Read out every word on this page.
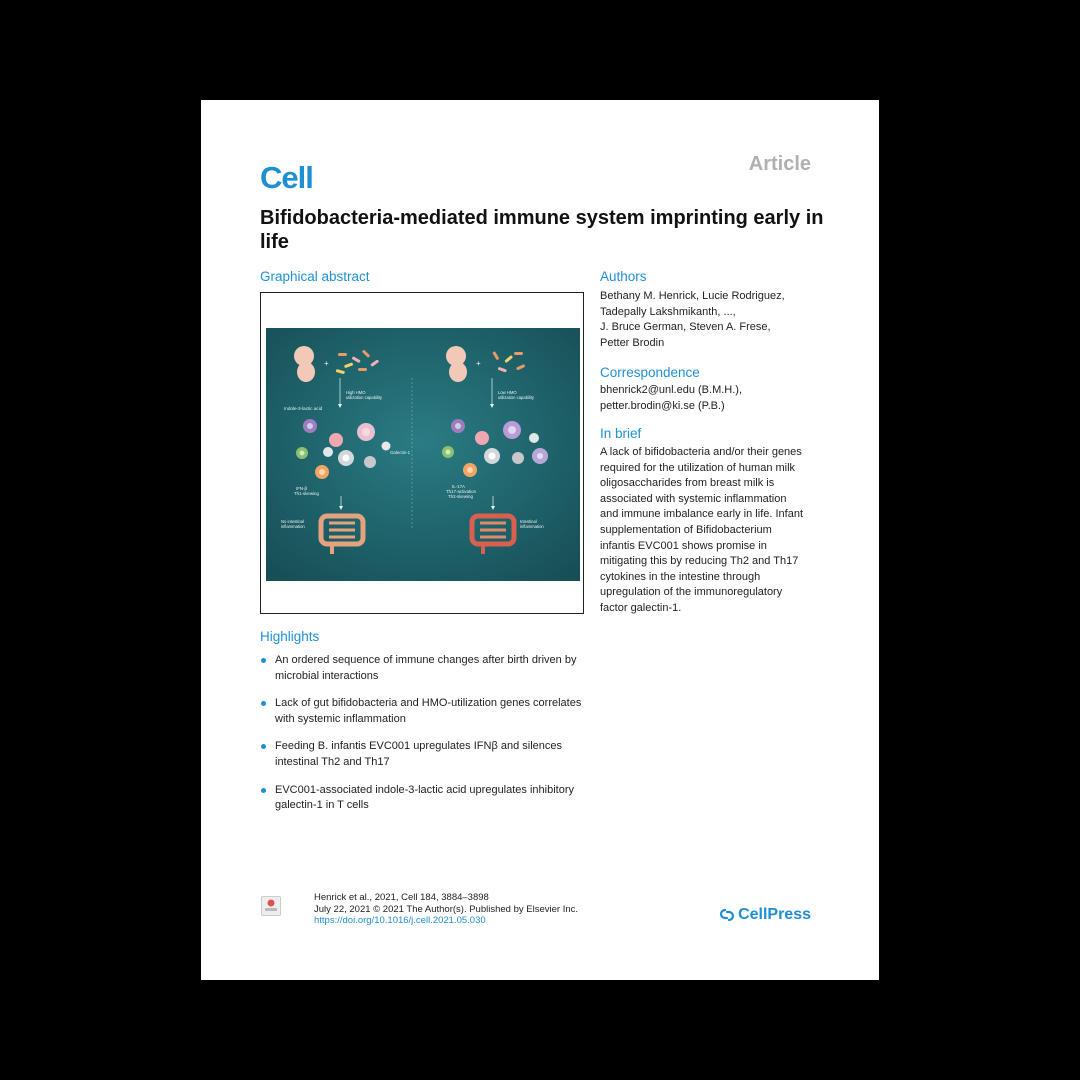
Cell	Article
Bifidobacteria-mediated immune system imprinting early in life
Graphical abstract
+
High HMO utilization capability
Indole-3-lactic acid
Galectin-1
IFN-β Th1-skewing
No intestinal inflammation
+
Low HMO utilization capability
IL-17A Th17-activation Th2-skewing
Intestinal inflammation
Authors
Bethany M. Henrick, Lucie Rodriguez,
Tadepally Lakshmikanth, ...,
J. Bruce German, Steven A. Frese,
Petter Brodin
Correspondence
bhenrick2@unl.edu (B.M.H.),
petter.brodin@ki.se (P.B.)
In brief
A lack of bifidobacteria and/or their genes
required for the utilization of human milk
oligosaccharides from breast milk is
associated with systemic inflammation
and immune imbalance early in life. Infant
supplementation of Bifidobacterium
infantis EVC001 shows promise in
mitigating this by reducing Th2 and Th17
cytokines in the intestine through
upregulation of the immunoregulatory
factor galectin-1.
Highlights
An ordered sequence of immune changes after birth driven by microbial interactions
Lack of gut bifidobacteria and HMO-utilization genes correlates with systemic inflammation
Feeding B. infantis EVC001 upregulates IFNβ and silences intestinal Th2 and Th17
EVC001-associated indole-3-lactic acid upregulates inhibitory galectin-1 in T cells
Henrick et al., 2021, Cell 184, 3884–3898
July 22, 2021 © 2021 The Author(s). Published by Elsevier Inc.
https://doi.org/10.1016/j.cell.2021.05.030	CellPress
